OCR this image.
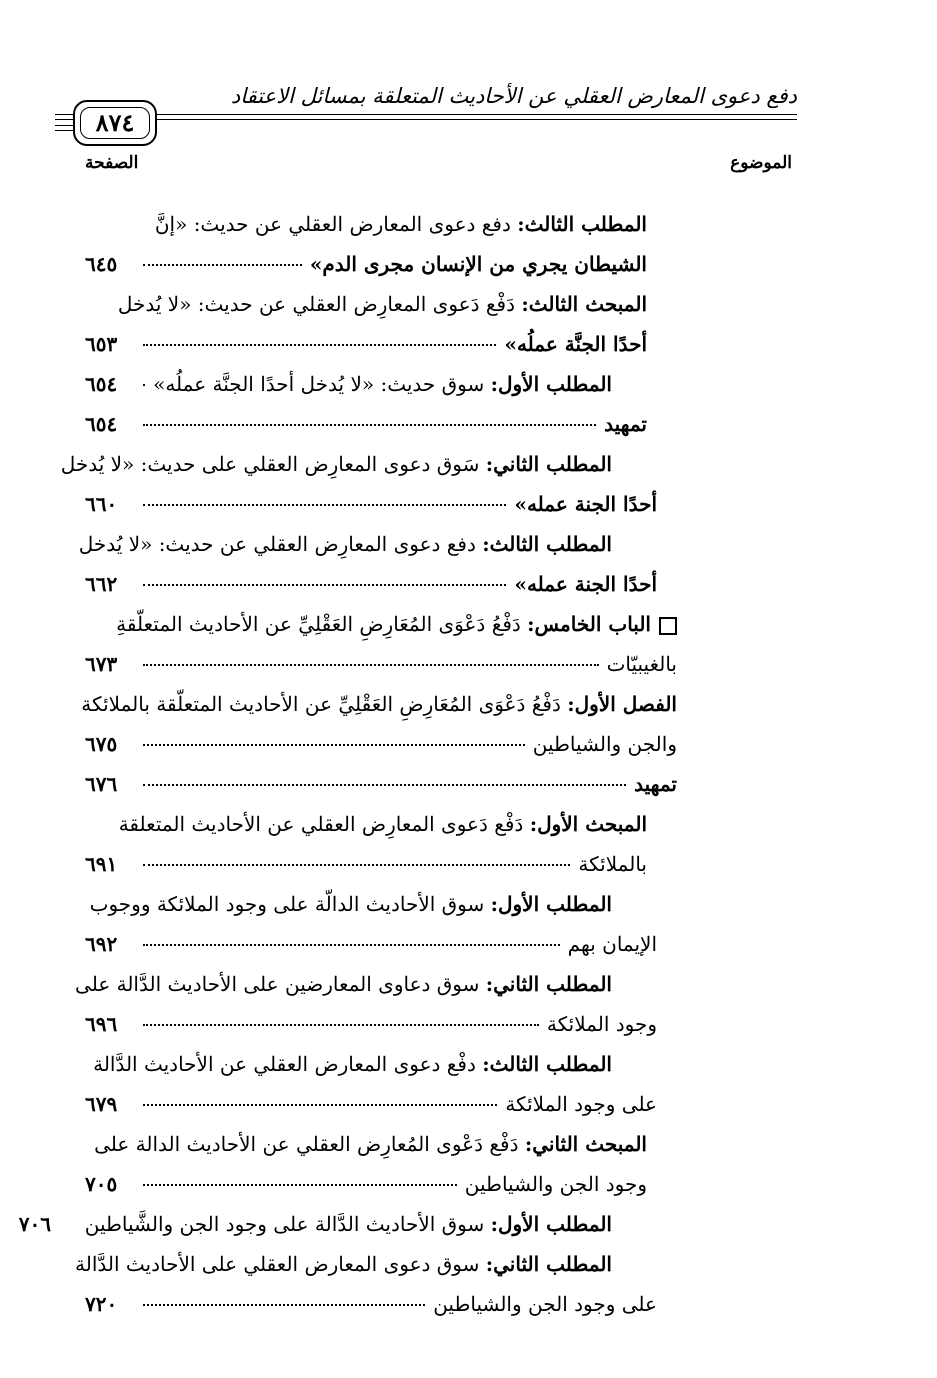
دفع دعوى المعارض العقلي عن الأحاديث المتعلقة بمسائل الاعتقاد
٨٧٤
الموضوع
الصفحة
المطلب الثالث: دفع دعوى المعارض العقلي عن حديث: «إنَّ
الشيطان يجري من الإنسان مجرى الدم»
٦٤٥
المبحث الثالث: دَفْع دَعوى المعارِض العقلي عن حديث: «لا يُدخل
أحدًا الجنَّة عملُه»
٦٥٣
المطلب الأول: سوق حديث: «لا يُدخل أحدًا الجنَّة عملُه»
٦٥٤
تمهيد
٦٥٤
المطلب الثاني: سَوق دعوى المعارِض العقلي على حديث: «لا يُدخل
أحدًا الجنة عمله»
٦٦٠
المطلب الثالث: دفع دعوى المعارِض العقلي عن حديث: «لا يُدخل
أحدًا الجنة عمله»
٦٦٢
الباب الخامس: دَفْعُ دَعْوَى المُعَارِضِ العَقْلِيِّ عن الأحاديث المتعلّقةِ
بالغيبيّات
٦٧٣
الفصل الأول: دَفْعُ دَعْوَى المُعَارِضِ العَقْلِيِّ عن الأحاديث المتعلّقة بالملائكة
والجن والشياطين
٦٧٥
تمهيد
٦٧٦
المبحث الأول: دَفْع دَعوى المعارِض العقلي عن الأحاديث المتعلقة
بالملائكة
٦٩١
المطلب الأول: سوق الأحاديث الدالّة على وجود الملائكة ووجوب
الإيمان بهم
٦٩٢
المطلب الثاني: سوق دعاوى المعارضين على الأحاديث الدَّالة على
وجود الملائكة
٦٩٦
المطلب الثالث: دفْع دعوى المعارض العقلي عن الأحاديث الدَّالة
على وجود الملائكة
٦٧٩
المبحث الثاني: دَفْع دَعْوى المُعارِض العقلي عن الأحاديث الدالة على
وجود الجن والشياطين
٧٠٥
المطلب الأول: سوق الأحاديث الدَّالة على وجود الجن والشَّياطين
٧٠٦
المطلب الثاني: سوق دعوى المعارض العقلي على الأحاديث الدَّالة
على وجود الجن والشياطين
٧٢٠
